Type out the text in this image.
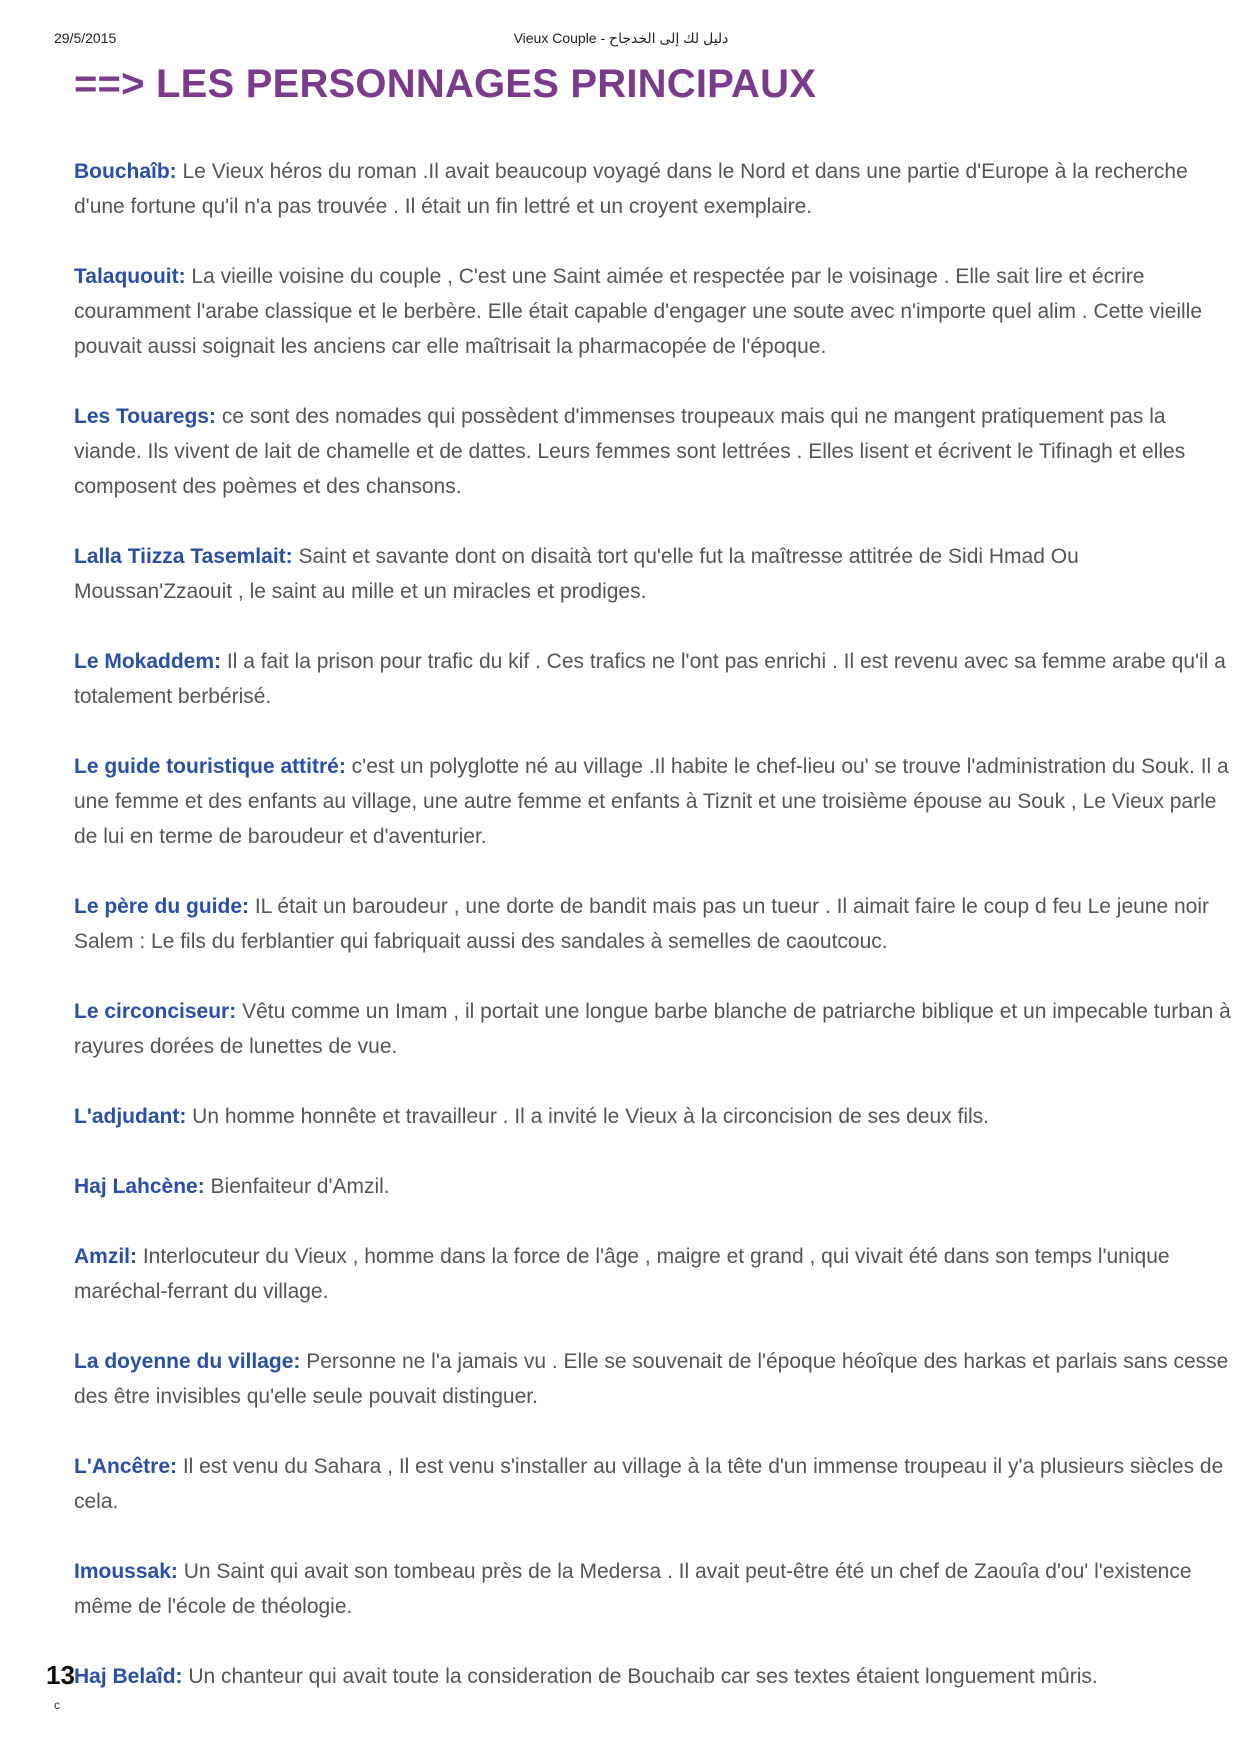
29/5/2015	Vieux Couple - دليل لك إلى الخدجاح
==> LES PERSONNAGES PRINCIPAUX

Bouchaîb: Le Vieux héros du roman .Il avait beaucoup voyagé dans le Nord et dans une partie d'Europe à la recherche d'une fortune qu'il n'a pas trouvée . Il était un fin lettré et un croyent exemplaire.

Talaquouit: La vieille voisine du couple , C'est une Saint aimée et respectée par le voisinage . Elle sait lire et écrire couramment l'arabe classique et le berbère. Elle était capable d'engager une soute avec n'importe quel alim . Cette vieille pouvait aussi soignait les anciens car elle maîtrisait la pharmacopée de l'époque.

Les Touaregs: ce sont des nomades qui possèdent d'immenses troupeaux mais qui ne mangent pratiquement pas la viande. Ils vivent de lait de chamelle et de dattes. Leurs femmes sont lettrées . Elles lisent et écrivent le Tifinagh et elles composent des poèmes et des chansons.

Lalla Tiizza Tasemlait: Saint et savante dont on disaità tort qu'elle fut la maîtresse attitrée de Sidi Hmad Ou Moussan'Zzaouit , le saint au mille et un miracles et prodiges.

Le Mokaddem: Il a fait la prison pour trafic du kif . Ces trafics ne l'ont pas enrichi . Il est revenu avec sa femme arabe qu'il a totalement berbérisé.

Le guide touristique attitré: c'est un polyglotte né au village .Il habite le chef-lieu ou' se trouve l'administration du Souk. Il a une femme et des enfants au village, une autre femme et enfants à Tiznit et une troisième épouse au Souk , Le Vieux parle de lui en terme de baroudeur et d'aventurier.

Le père du guide: IL était un baroudeur , une dorte de bandit mais pas un tueur . Il aimait faire le coup d feu Le jeune noir Salem : Le fils du ferblantier qui fabriquait aussi des sandales à semelles de caoutcouc.

Le circonciseur: Vêtu comme un Imam , il portait une longue barbe blanche de patriarche biblique et un impecable turban à rayures dorées de lunettes de vue.

L'adjudant: Un homme honnête et travailleur . Il a invité le Vieux à la circoncision de ses deux fils.

Haj Lahcène: Bienfaiteur d'Amzil.

Amzil: Interlocuteur du Vieux , homme dans la force de l'âge , maigre et grand , qui vivait été dans son temps l'unique maréchal-ferrant du village.

La doyenne du village: Personne ne l'a jamais vu . Elle se souvenait de l'époque héoîque des harkas et parlais sans cesse des être invisibles qu'elle seule pouvait distinguer.

L'Ancêtre: Il est venu du Sahara , Il est venu s'installer au village à la tête d'un immense troupeau il y'a plusieurs siècles de cela.

Imoussak: Un Saint qui avait son tombeau près de la Medersa . Il avait peut-être été un chef de Zaouîa d'ou' l'existence même de l'école de théologie.

Haj Belaîd: Un chanteur qui avait toute la consideration de Bouchaib car ses textes étaient longuement mûris.

13
c
